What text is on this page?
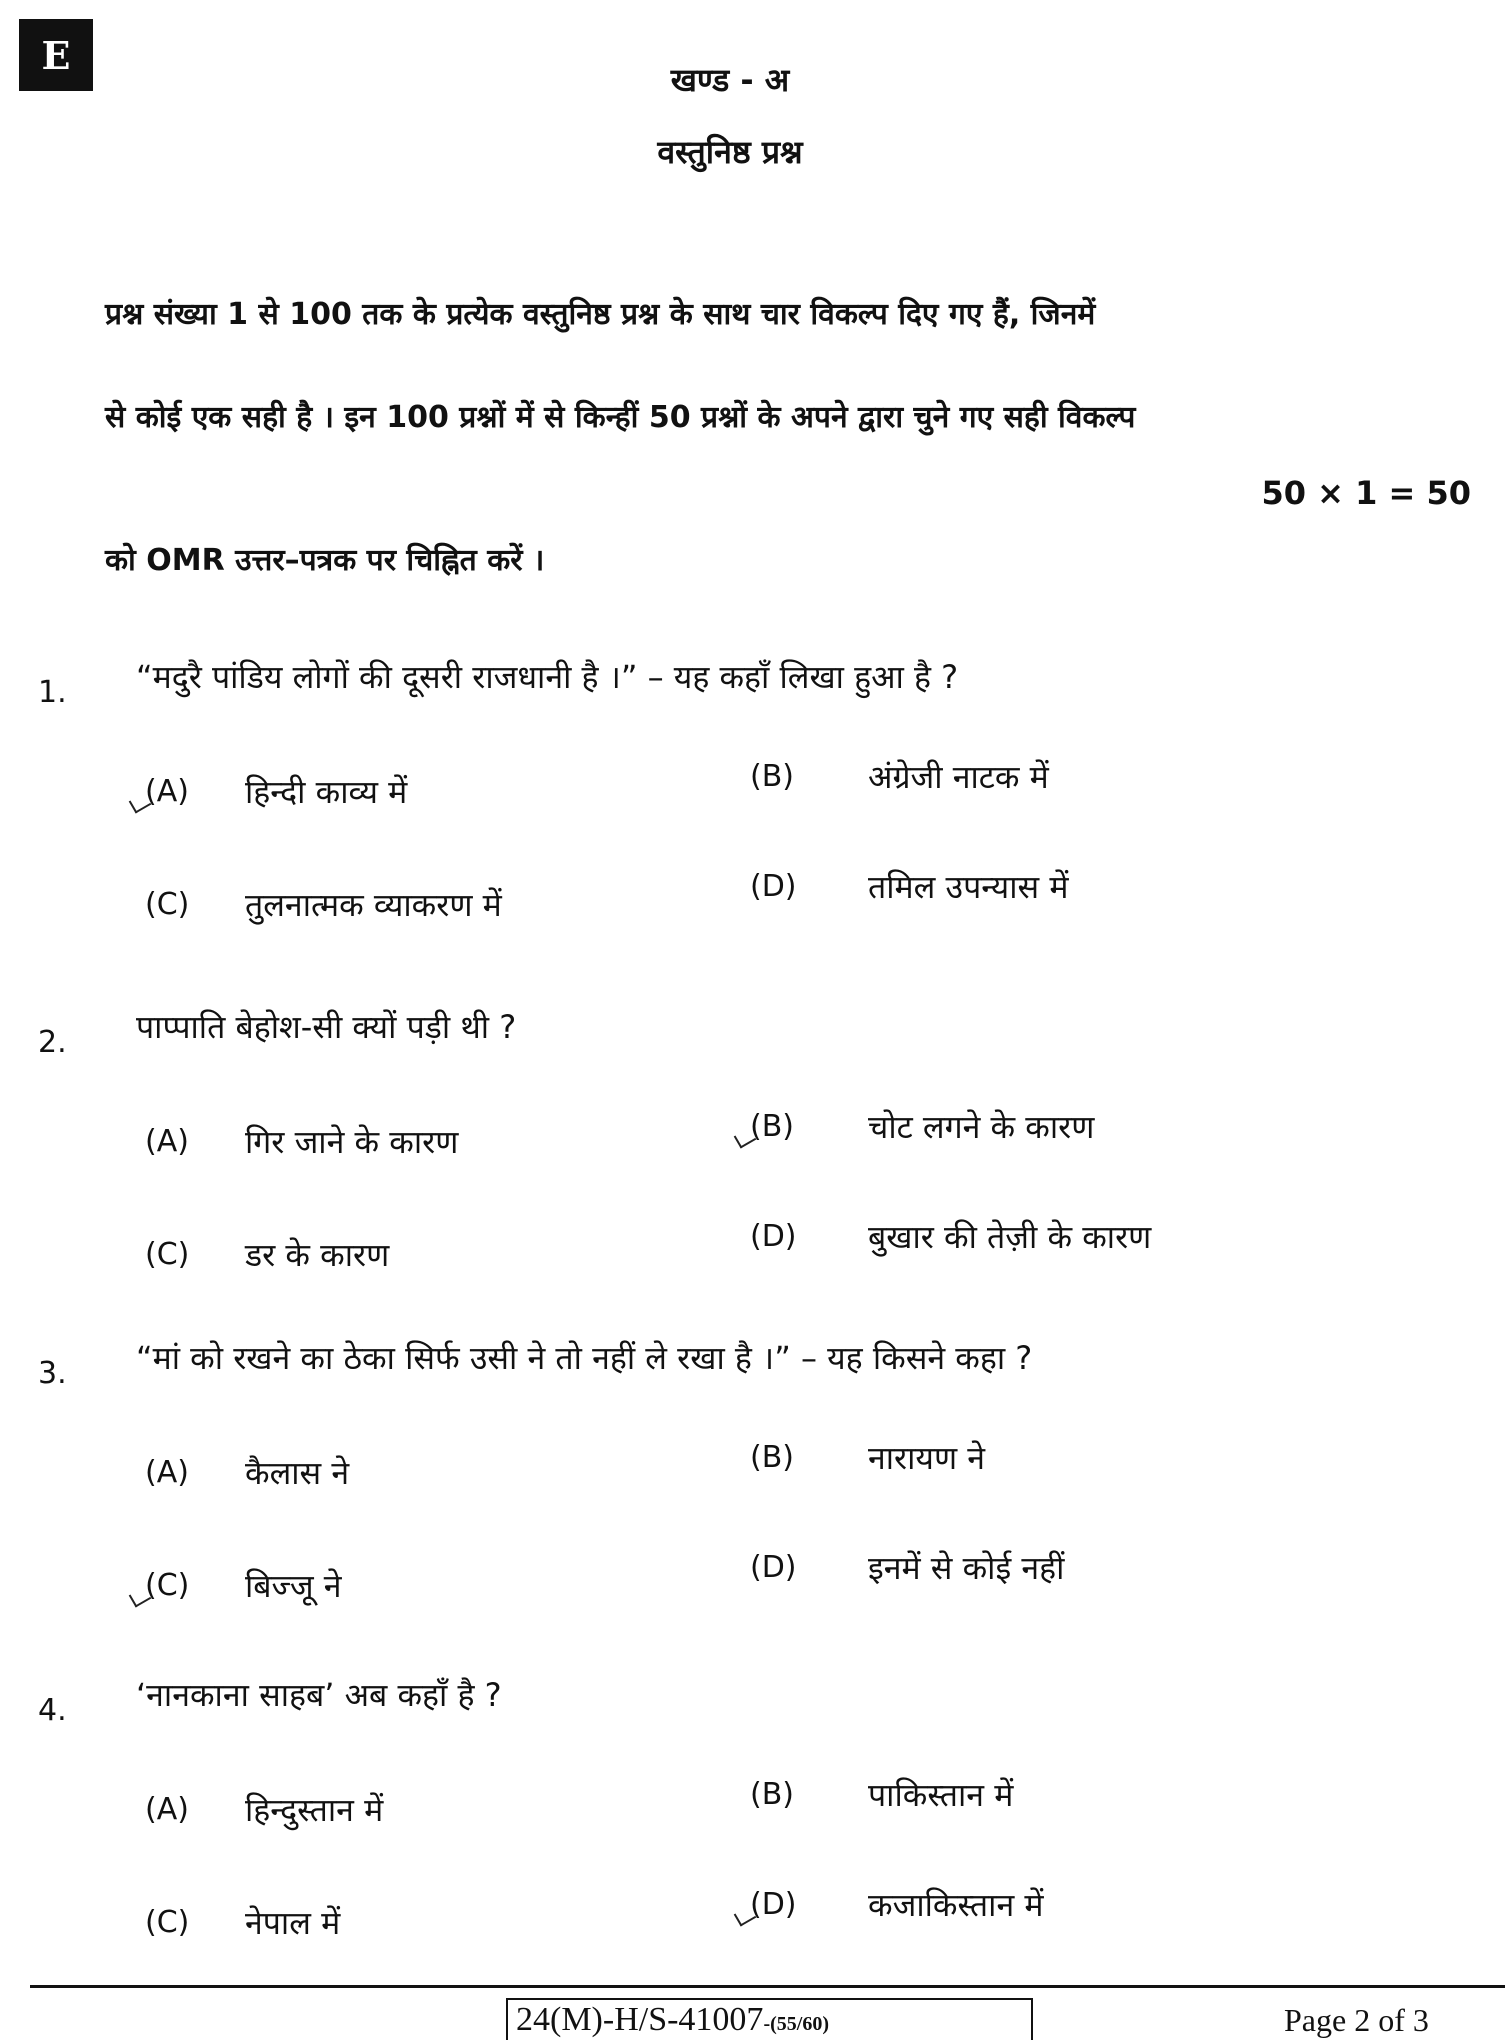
E
खण्ड - अ
वस्तुनिष्ठ प्रश्न
प्रश्न संख्या 1 से 100 तक के प्रत्येक वस्तुनिष्ठ प्रश्न के साथ चार विकल्प दिए गए हैं, जिनमें
से कोई एक सही है । इन 100 प्रश्नों में से किन्हीं 50 प्रश्नों के अपने द्वारा चुने गए सही विकल्प
50 × 1 = 50
को OMR उत्तर–पत्रक पर चिह्नित करें ।
1. “मदुरै पांडिय लोगों की दूसरी राजधानी है ।” – यह कहाँ लिखा हुआ है ?
(A) हिन्दी काव्य में	(B) अंग्रेजी नाटक में
(C) तुलनात्मक व्याकरण में	(D) तमिल उपन्यास में
2. पाप्पाति बेहोश-सी क्यों पड़ी थी ?
(A) गिर जाने के कारण	(B) चोट लगने के कारण
(C) डर के कारण	(D) बुखार की तेज़ी के कारण
3. “मां को रखने का ठेका सिर्फ उसी ने तो नहीं ले रखा है ।” – यह किसने कहा ?
(A) कैलास ने	(B) नारायण ने
(C) बिज्जू ने	(D) इनमें से कोई नहीं
4. ‘नानकाना साहब’ अब कहाँ है ?
(A) हिन्दुस्तान में	(B) पाकिस्तान में
(C) नेपाल में	(D) कजाकिस्तान में
24(M)-H/S-41007-(55/60)	Page 2 of 3
